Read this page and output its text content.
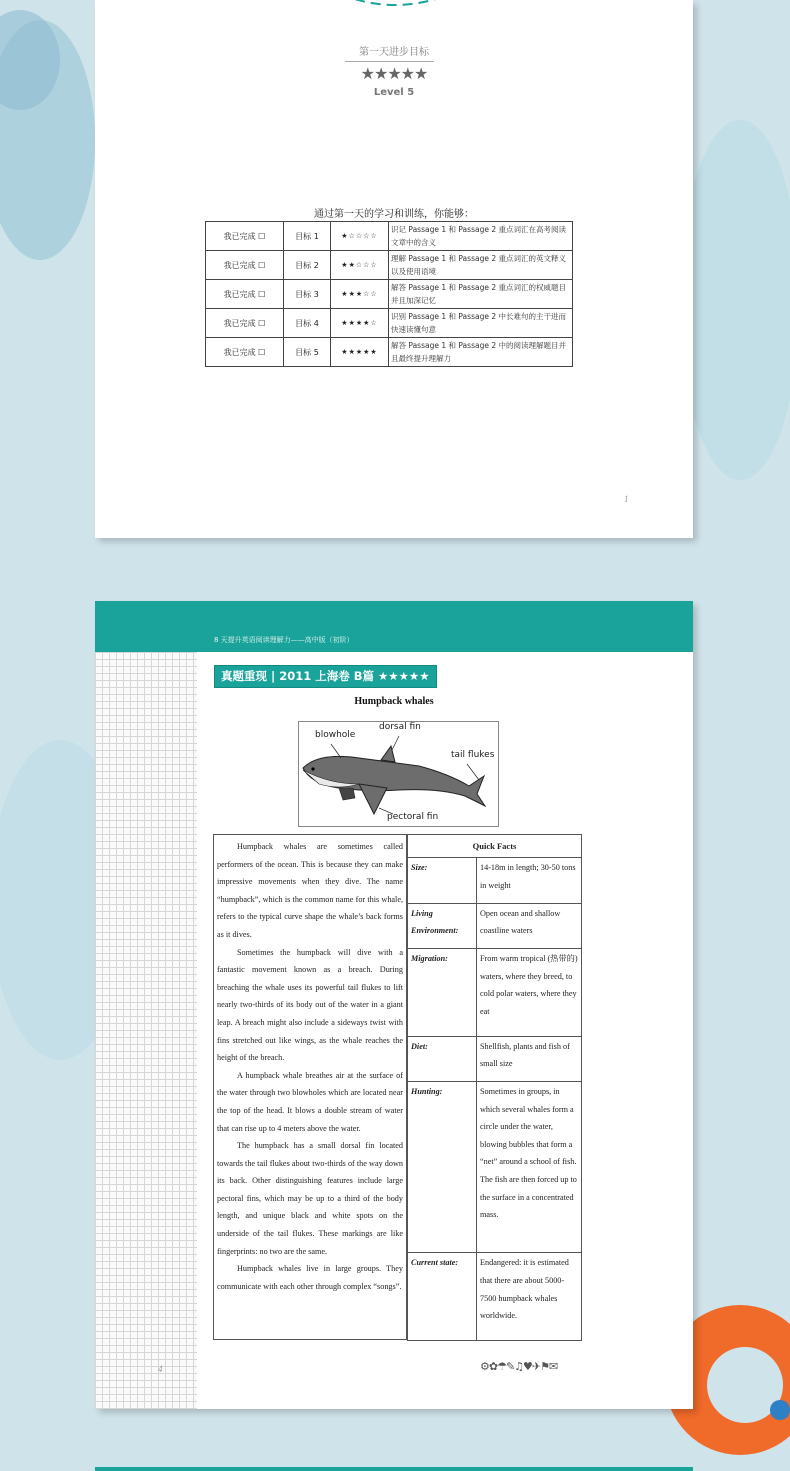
第一天进步目标
★★★★★
Level 5
通过第一天的学习和训练，你能够：
我已完成 ☐	目标 1	★☆☆☆☆	识记 Passage 1 和 Passage 2 重点词汇在高考阅读文章中的含义
我已完成 ☐	目标 2	★★☆☆☆	理解 Passage 1 和 Passage 2 重点词汇的英文释义以及使用语境
我已完成 ☐	目标 3	★★★☆☆	解答 Passage 1 和 Passage 2 重点词汇的权威题目并且加深记忆
我已完成 ☐	目标 4	★★★★☆	识别 Passage 1 和 Passage 2 中长难句的主干进而快速读懂句意
我已完成 ☐	目标 5	★★★★★	解答 Passage 1 和 Passage 2 中的阅读理解题目并且最终提升理解力
1
8 天提升英语阅读理解力——高中版（初阶）
真题重现 | 2011 上海卷 B篇 ★★★★★
Humpback whales
blowhole
dorsal fin
tail flukes
pectoral fin

Humpback whales are sometimes called performers of the ocean. This is because they can make impressive movements when they dive. The name “humpback”, which is the common name for this whale, refers to the typical curve shape the whale’s back forms as it dives.

Sometimes the humpback will dive with a fantastic movement known as a breach. During breaching the whale uses its powerful tail flukes to lift nearly two-thirds of its body out of the water in a giant leap. A breach might also include a sideways twist with fins stretched out like wings, as the whale reaches the height of the breach.

A humpback whale breathes air at the surface of the water through two blowholes which are located near the top of the head. It blows a double stream of water that can rise up to 4 meters above the water.

The humpback has a small dorsal fin located towards the tail flukes about two-thirds of the way down its back. Other distinguishing features include large pectoral fins, which may be up to a third of the body length, and unique black and white spots on the underside of the tail flukes. These markings are like fingerprints: no two are the same.

Humpback whales live in large groups. They communicate with each other through complex “songs”.

Quick Facts	
Size:	14-18m in length; 30-50 tons in weight
Living Environment:	Open ocean and shallow coastline waters
Migration:	From warm tropical (热带的) waters, where they breed, to cold polar waters, where they eat
Diet:	Shellfish, plants and fish of small size
Hunting:	Sometimes in groups, in which several whales form a circle under the water, blowing bubbles that form a “net” around a school of fish. The fish are then forced up to the surface in a concentrated mass.
Current state:	Endangered: it is estimated that there are about 5000-7500 humpback whales worldwide.
4	⚙✿☂✎♫♥✈⚑✉
